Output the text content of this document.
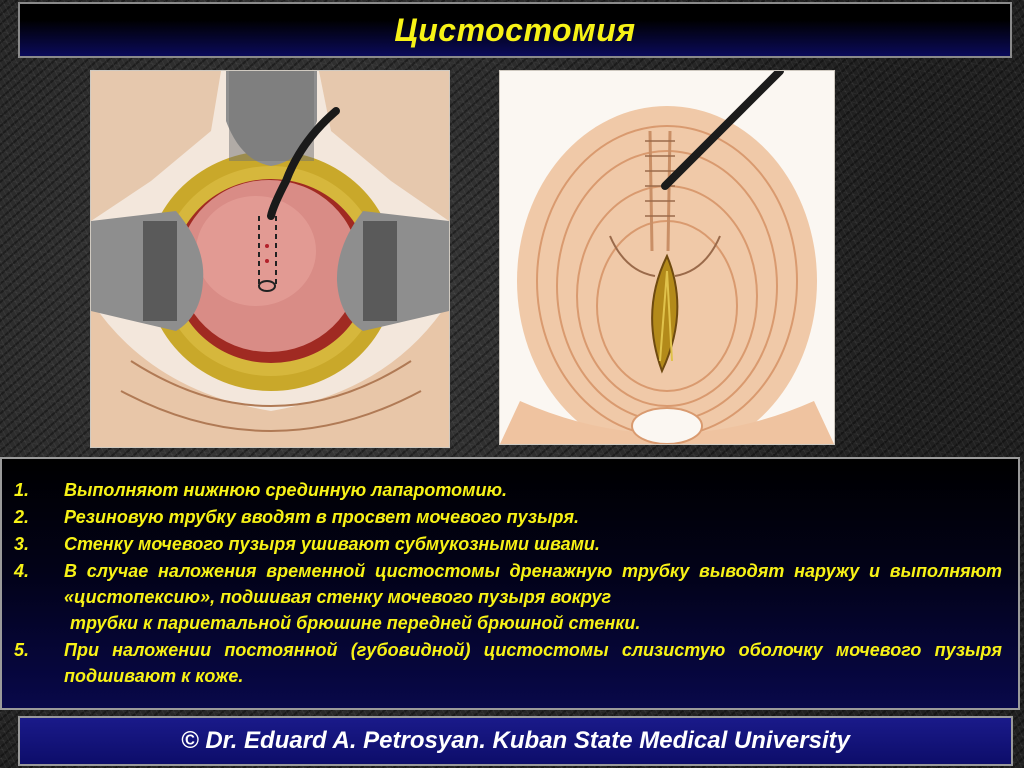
Цистостомия
1.	Выполняют нижнюю срединную лапаротомию.
2.	Резиновую трубку вводят в просвет мочевого пузыря.
3.	Стенку мочевого пузыря ушивают субмукозными швами.
4.	В случае наложения временной цистостомы дренажную трубку выводят наружу и выполняют «цистопексию», подшивая стенку мочевого пузыря вокруг
трубки к париетальной брюшине передней брюшной стенки.
5.	При наложении постоянной (губовидной) цистостомы слизистую оболочку мочевого пузыря подшивают к коже.
© Dr. Eduard A. Petrosyan. Kuban State Medical University
